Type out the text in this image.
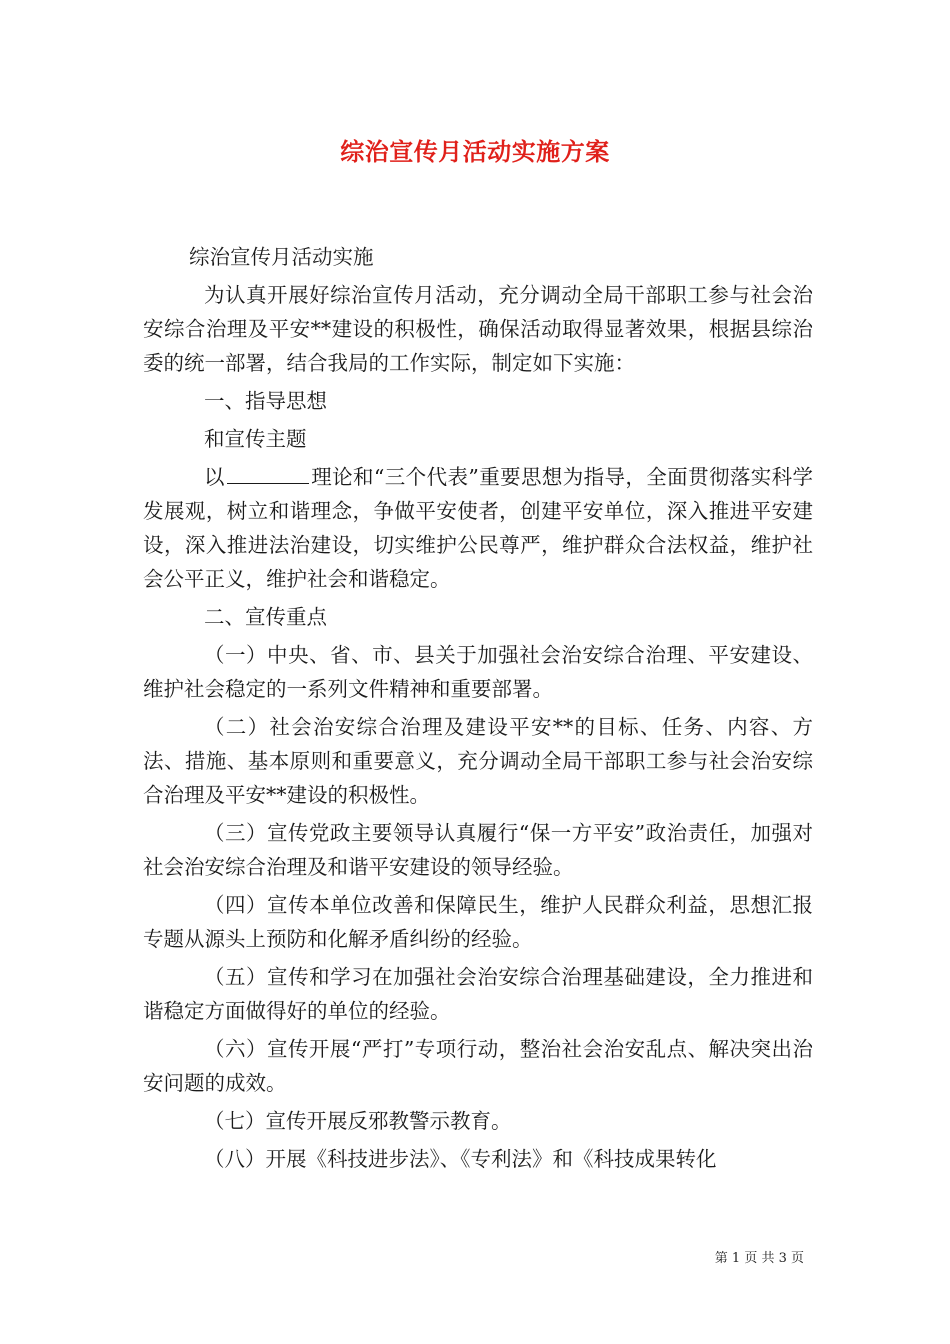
综治宣传月活动实施方案

综治宣传月活动实施

为认真开展好综治宣传月活动，充分调动全局干部职工参与社会治安综合治理及平安**建设的积极性，确保活动取得显著效果，根据县综治委的统一部署，结合我局的工作实际，制定如下实施：

一、指导思想

和宣传主题

以	理论和“三个代表”重要思想为指导，全面贯彻落实科学发展观，树立和谐理念，争做平安使者，创建平安单位，深入推进平安建设，深入推进法治建设，切实维护公民尊严，维护群众合法权益，维护社会公平正义，维护社会和谐稳定。

二、宣传重点

（一）中央、省、市、县关于加强社会治安综合治理、平安建设、维护社会稳定的一系列文件精神和重要部署。

（二）社会治安综合治理及建设平安**的目标、任务、内容、方法、措施、基本原则和重要意义，充分调动全局干部职工参与社会治安综合治理及平安**建设的积极性。

（三）宣传党政主要领导认真履行“保一方平安”政治责任，加强对社会治安综合治理及和谐平安建设的领导经验。

（四）宣传本单位改善和保障民生，维护人民群众利益，思想汇报专题从源头上预防和化解矛盾纠纷的经验。

（五）宣传和学习在加强社会治安综合治理基础建设，全力推进和谐稳定方面做得好的单位的经验。

（六）宣传开展“严打”专项行动，整治社会治安乱点、解决突出治安问题的成效。

（七）宣传开展反邪教警示教育。

（八）开展《科技进步法》、《专利法》和《科技成果转化

第 1 页 共 3 页
